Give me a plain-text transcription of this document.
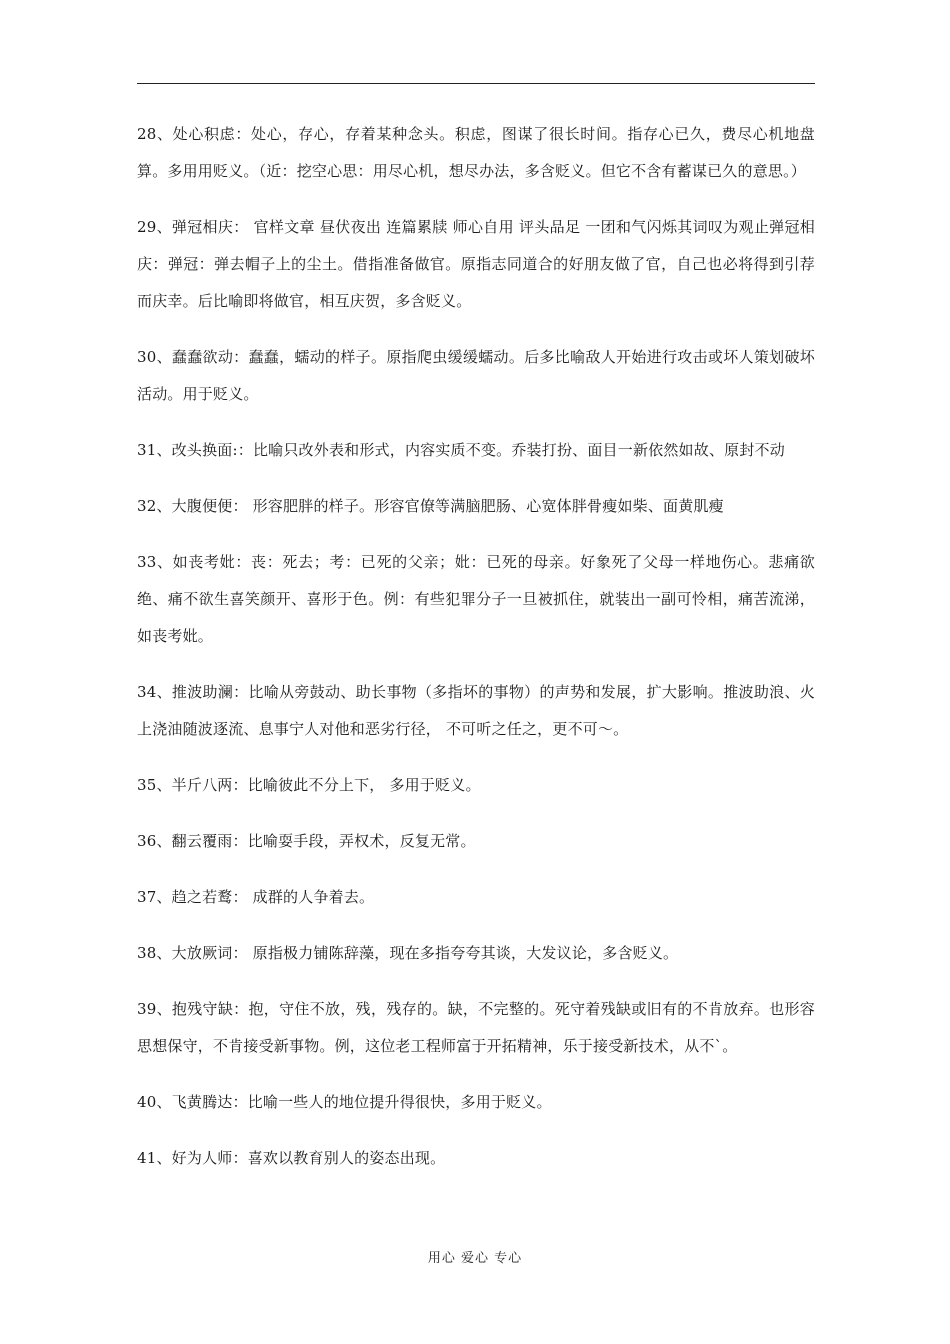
28、处心积虑：处心，存心，存着某种念头。积虑，图谋了很长时间。指存心已久，费尽心机地盘算。多用用贬义。（近：挖空心思：用尽心机，想尽办法，多含贬义。但它不含有蓄谋已久的意思。）

29、弹冠相庆： 官样文章 昼伏夜出 连篇累牍 师心自用 评头品足 一团和气闪烁其词叹为观止弹冠相庆：弹冠：弹去帽子上的尘土。借指准备做官。原指志同道合的好朋友做了官，自己也必将得到引荐而庆幸。后比喻即将做官，相互庆贺，多含贬义。

30、蠢蠢欲动：蠢蠢，蠕动的样子。原指爬虫缓缓蠕动。后多比喻敌人开始进行攻击或坏人策划破坏活动。用于贬义。

31、改头换面:：比喻只改外表和形式，内容实质不变。乔装打扮、面目一新依然如故、原封不动

32、大腹便便： 形容肥胖的样子。形容官僚等满脑肥肠、心宽体胖骨瘦如柴、面黄肌瘦

33、如丧考妣：丧：死去；考：已死的父亲；妣：已死的母亲。好象死了父母一样地伤心。悲痛欲绝、痛不欲生喜笑颜开、喜形于色。例：有些犯罪分子一旦被抓住，就装出一副可怜相，痛苦流涕，如丧考妣。

34、推波助澜：比喻从旁鼓动、助长事物（多指坏的事物）的声势和发展，扩大影响。推波助浪、火上浇油随波逐流、息事宁人对他和恶劣行径， 不可听之任之，更不可～。

35、半斤八两：比喻彼此不分上下， 多用于贬义。

36、翻云覆雨：比喻耍手段，弄权术，反复无常。

37、趋之若鹜： 成群的人争着去。

38、大放厥词： 原指极力铺陈辞藻，现在多指夸夸其谈，大发议论，多含贬义。

39、抱残守缺：抱，守住不放，残，残存的。缺，不完整的。死守着残缺或旧有的不肯放弃。也形容思想保守，不肯接受新事物。例，这位老工程师富于开拓精神，乐于接受新技术，从不`。

40、飞黄腾达：比喻一些人的地位提升得很快，多用于贬义。

41、好为人师：喜欢以教育别人的姿态出现。

用心 爱心 专心
